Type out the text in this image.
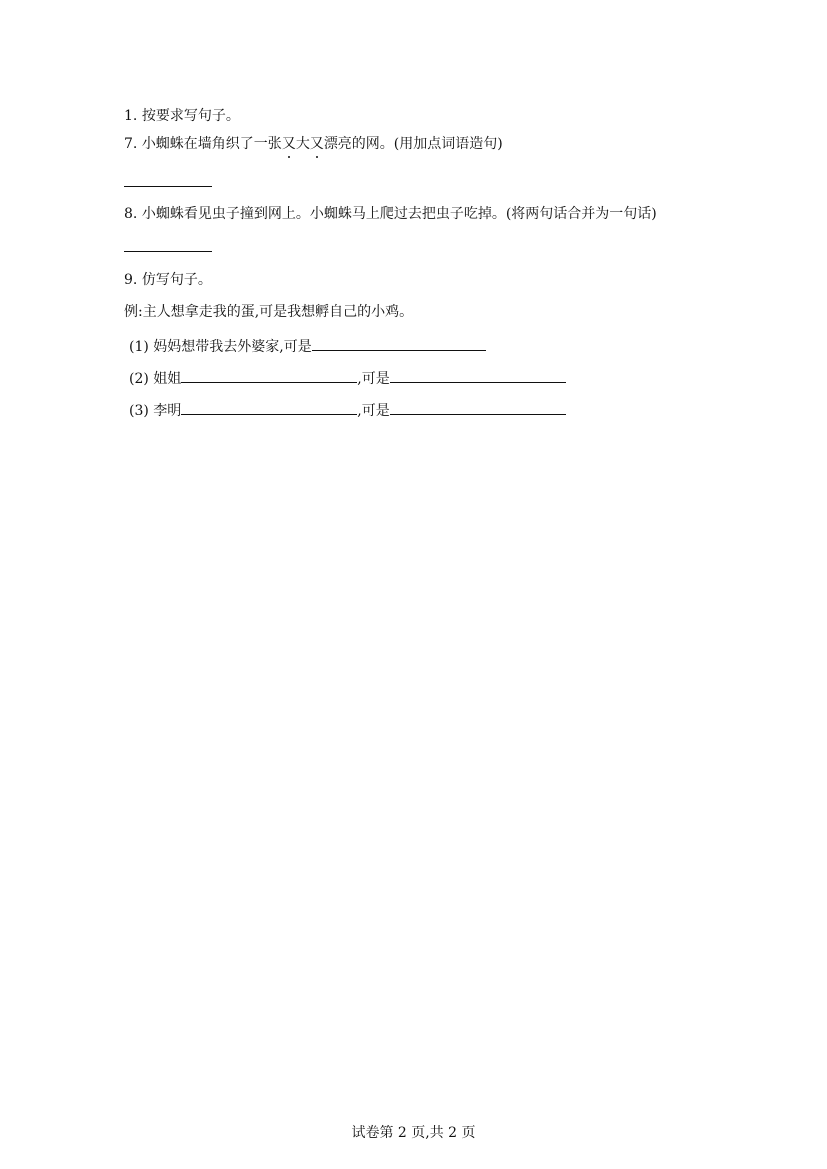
1. 按要求写句子。
7. 小蜘蛛在墙角织了一张又大又漂亮的网。(用加点词语造句)
8. 小蜘蛛看见虫子撞到网上。小蜘蛛马上爬过去把虫子吃掉。(将两句话合并为一句话)
9. 仿写句子。
例:主人想拿走我的蛋,可是我想孵自己的小鸡。
(1) 妈妈想带我去外婆家,可是
(2) 姐姐	,可是
(3) 李明	,可是
试卷第 2 页,共 2 页
